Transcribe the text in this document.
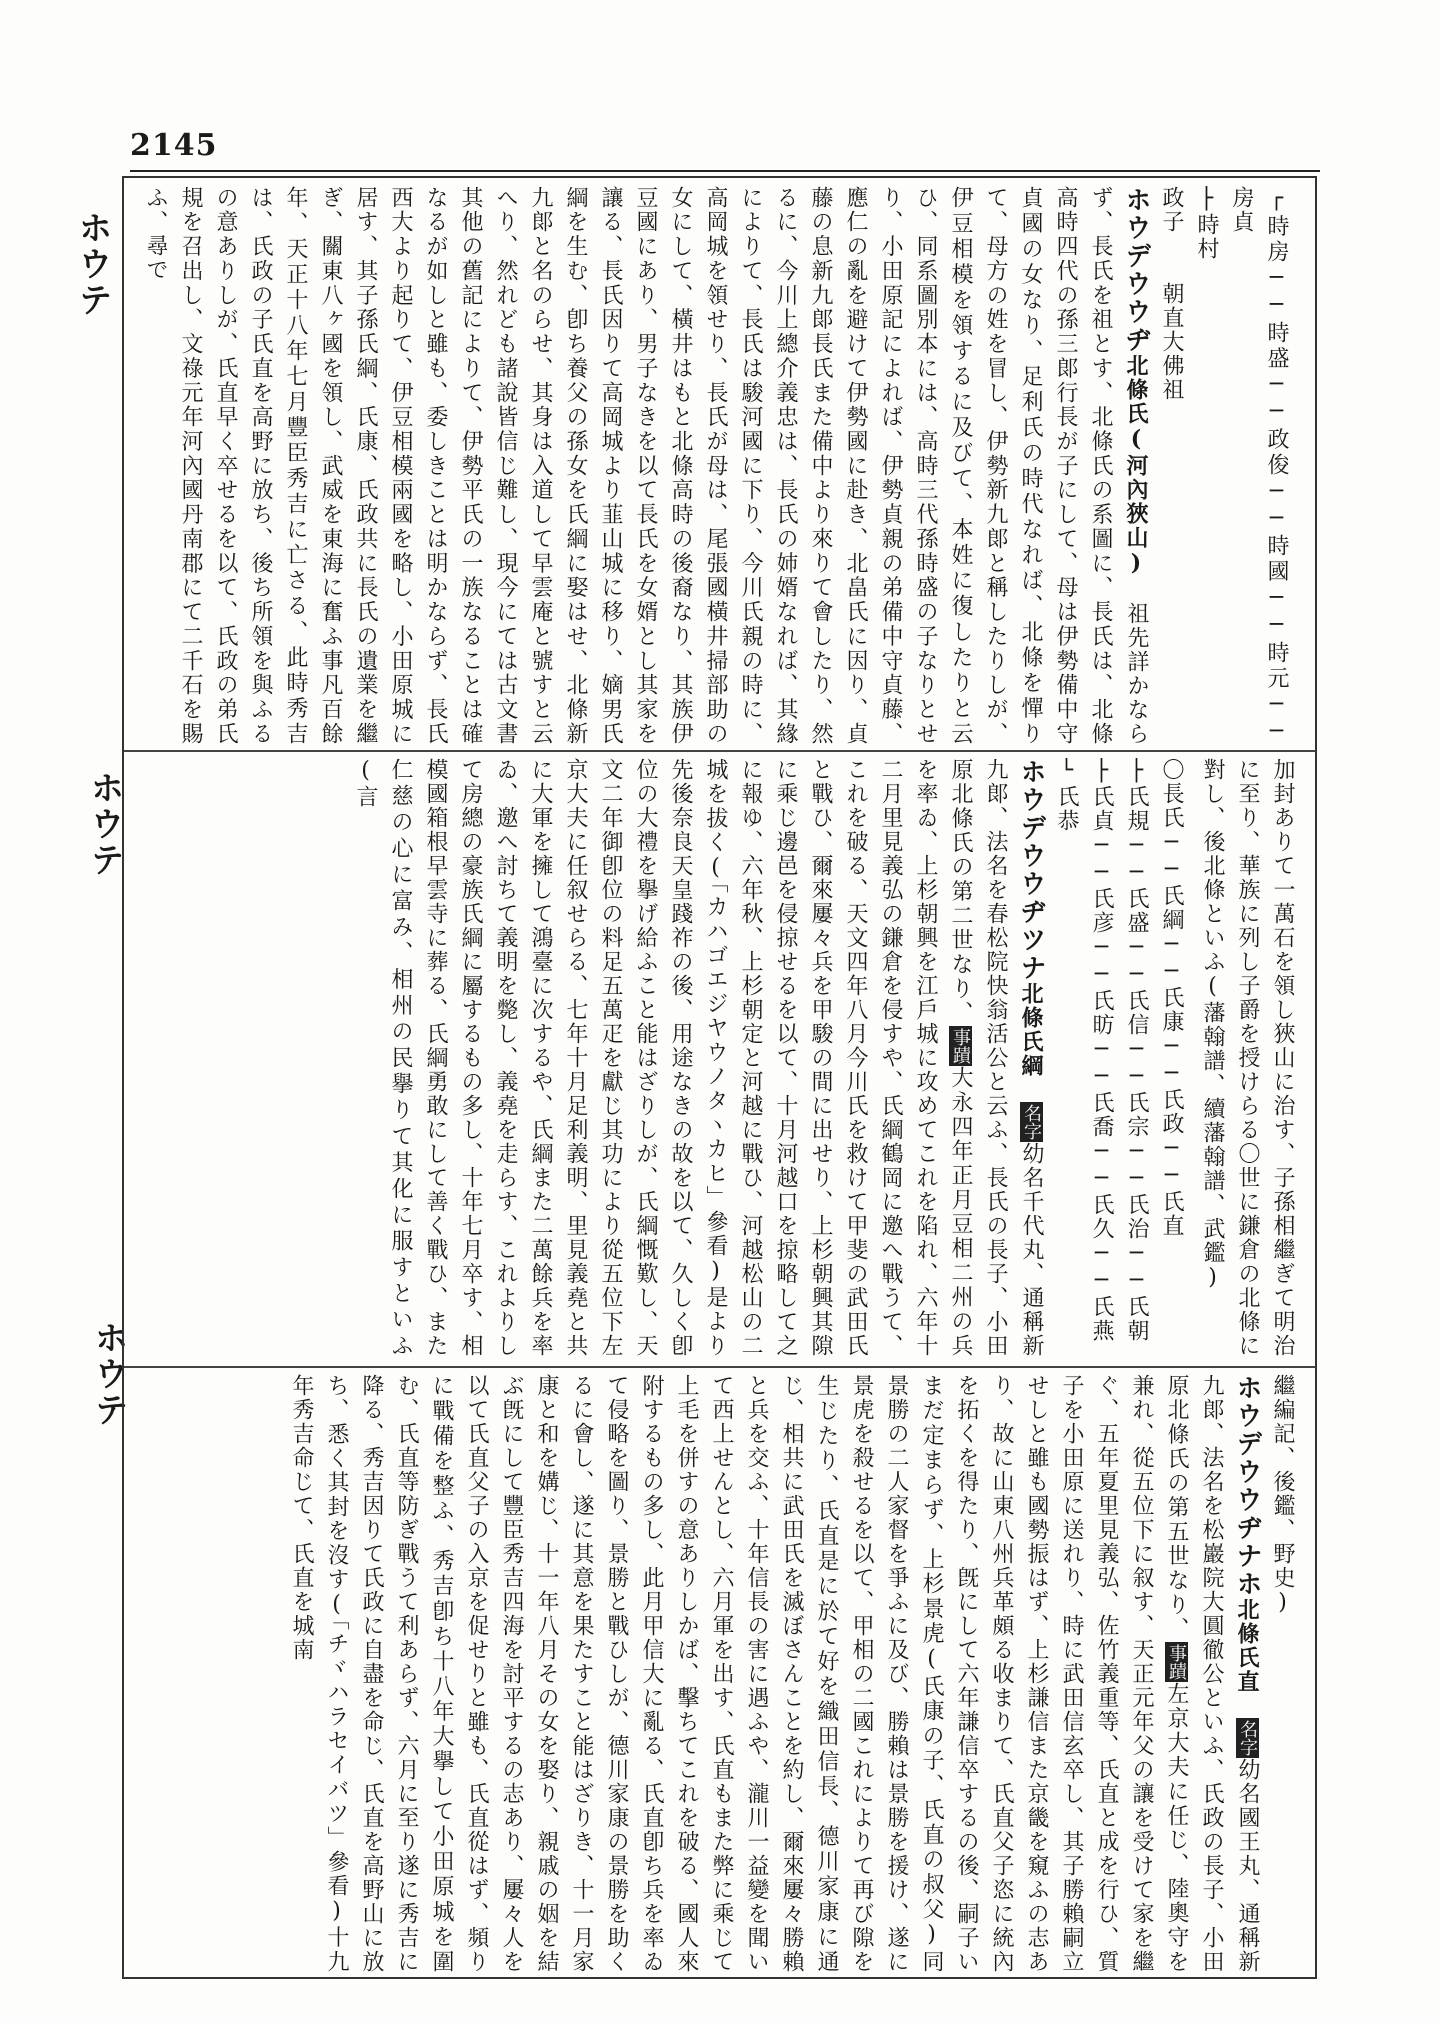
2145
ホウテ
ホウテ
ホウテ
┌時房──時盛──政俊──時國──時元──房貞
├時村
政子　　朝直大佛祖

ホウデウウヂ北條氏(河內狹山)　祖先詳かならず、長氏を祖とす、北條氏の系圖に、長氏は、北條高時四代の孫三郞行長が子にして、母は伊勢備中守貞國の女なり、足利氏の時代なれば、北條を憚りて、母方の姓を冒し、伊勢新九郞と稱したりしが、伊豆相模を領するに及びて、本姓に復したりと云ひ、同系圖別本には、高時三代孫時盛の子なりとせり、小田原記によれば、伊勢貞親の弟備中守貞藤、應仁の亂を避けて伊勢國に赴き、北畠氏に因り、貞藤の息新九郞長氏また備中より來りて會したり、然るに、今川上總介義忠は、長氏の姉婿なれば、其緣によりて、長氏は駿河國に下り、今川氏親の時に、高岡城を領せり、長氏が母は、尾張國橫井掃部助の女にして、橫井はもと北條高時の後裔なり、其族伊豆國にあり、男子なきを以て長氏を女婿とし其家を讓る、長氏因りて高岡城より韮山城に移り、嫡男氏綱を生む、卽ち養父の孫女を氏綱に娶はせ、北條新九郞と名のらせ、其身は入道して早雲庵と號すと云へり、然れども諸說皆信じ難し、現今にては古文書其他の舊記によりて、伊勢平氏の一族なることは確なるが如しと雖も、委しきことは明かならず、長氏西大より起りて、伊豆相模兩國を略し、小田原城に居す、其子孫氏綱、氏康、氏政共に長氏の遺業を繼ぎ、關東八ヶ國を領し、武威を東海に奮ふ事凡百餘年、天正十八年七月豐臣秀吉に亡さる、此時秀吉は、氏政の子氏直を高野に放ち、後ち所領を與ふるの意ありしが、氏直早く卒せるを以て、氏政の弟氏規を召出し、文祿元年河內國丹南郡にて二千石を賜ふ、尋で

加封ありて一萬石を領し狹山に治す、子孫相繼ぎて明治に至り、華族に列し子爵を授けらる〇世に鎌倉の北條に對し、後北條といふ(藩翰譜、續藩翰譜、武鑑)

〇長氏──氏綱──氏康──氏政──氏直
├氏規──氏盛──氏信──氏宗──氏治──氏朝
├氏貞──氏彦──氏昉──氏喬──氏久──氏燕
└氏恭

ホウデウウヂツナ北條氏綱　名字幼名千代丸、通稱新九郞、法名を春松院快翁活公と云ふ、長氏の長子、小田原北條氏の第二世なり、事蹟大永四年正月豆相二州の兵を率ゐ、上杉朝興を江戶城に攻めてこれを陷れ、六年十二月里見義弘の鎌倉を侵すや、氏綱鶴岡に邀へ戰うて、これを破る、天文四年八月今川氏を救けて甲斐の武田氏と戰ひ、爾來屢々兵を甲駿の間に出せり、上杉朝興其隙に乘じ邊邑を侵掠せるを以て、十月河越口を掠略して之に報ゆ、六年秋、上杉朝定と河越に戰ひ、河越松山の二城を拔く(「カハゴエジヤウノタヽカヒ」參看)是より先後奈良天皇踐祚の後、用途なきの故を以て、久しく卽位の大禮を擧げ給ふこと能はざりしが、氏綱慨歎し、天文二年御卽位の料足五萬疋を獻じ其功により從五位下左京大夫に任叙せらる、七年十月足利義明、里見義堯と共に大軍を擁して鴻臺に次するや、氏綱また二萬餘兵を率ゐ、邀へ討ちて義明を斃し、義堯を走らす、これよりして房總の豪族氏綱に屬するもの多し、十年七月卒す、相模國箱根早雲寺に葬る、氏綱勇敢にして善く戰ひ、また仁慈の心に富み、相州の民擧りて其化に服すといふ(言

繼編記、後鑑、野史)

ホウデウウヂナホ北條氏直　名字幼名國王丸、通稱新九郞、法名を松巖院大圓徹公といふ、氏政の長子、小田原北條氏の第五世なり、事蹟左京大夫に任じ、陸奧守を兼れ、從五位下に叙す、天正元年父の讓を受けて家を繼ぐ、五年夏里見義弘、佐竹義重等、氏直と成を行ひ、質子を小田原に送れり、時に武田信玄卒し、其子勝賴嗣立せしと雖も國勢振はず、上杉謙信また京畿を窺ふの志あり、故に山東八州兵革頗る收まりて、氏直父子恣に統內を拓くを得たり、旣にして六年謙信卒するの後、嗣子いまだ定まらず、上杉景虎(氏康の子、氏直の叔父)同景勝の二人家督を爭ふに及び、勝賴は景勝を援け、遂に景虎を殺せるを以て、甲相の二國これによりて再び隙を生じたり、氏直是に於て好を織田信長、德川家康に通じ、相共に武田氏を滅ぼさんことを約し、爾來屢々勝賴と兵を交ふ、十年信長の害に遇ふや、瀧川一益變を聞いて西上せんとし、六月軍を出す、氏直もまた弊に乘じて上毛を併すの意ありしかば、擊ちてこれを破る、國人來附するもの多し、此月甲信大に亂る、氏直卽ち兵を率ゐて侵略を圖り、景勝と戰ひしが、德川家康の景勝を助くるに會し、遂に其意を果たすこと能はざりき、十一月家康と和を媾じ、十一年八月その女を娶り、親戚の姻を結ぶ旣にして豐臣秀吉四海を討平するの志あり、屢々人を以て氏直父子の入京を促せりと雖も、氏直從はず、頻りに戰備を整ふ、秀吉卽ち十八年大擧して小田原城を圍む、氏直等防ぎ戰うて利あらず、六月に至り遂に秀吉に降る、秀吉因りて氏政に自盡を命じ、氏直を高野山に放ち、悉く其封を沒す(「チヾハラセイバツ」參看)十九年秀吉命じて、氏直を城南
